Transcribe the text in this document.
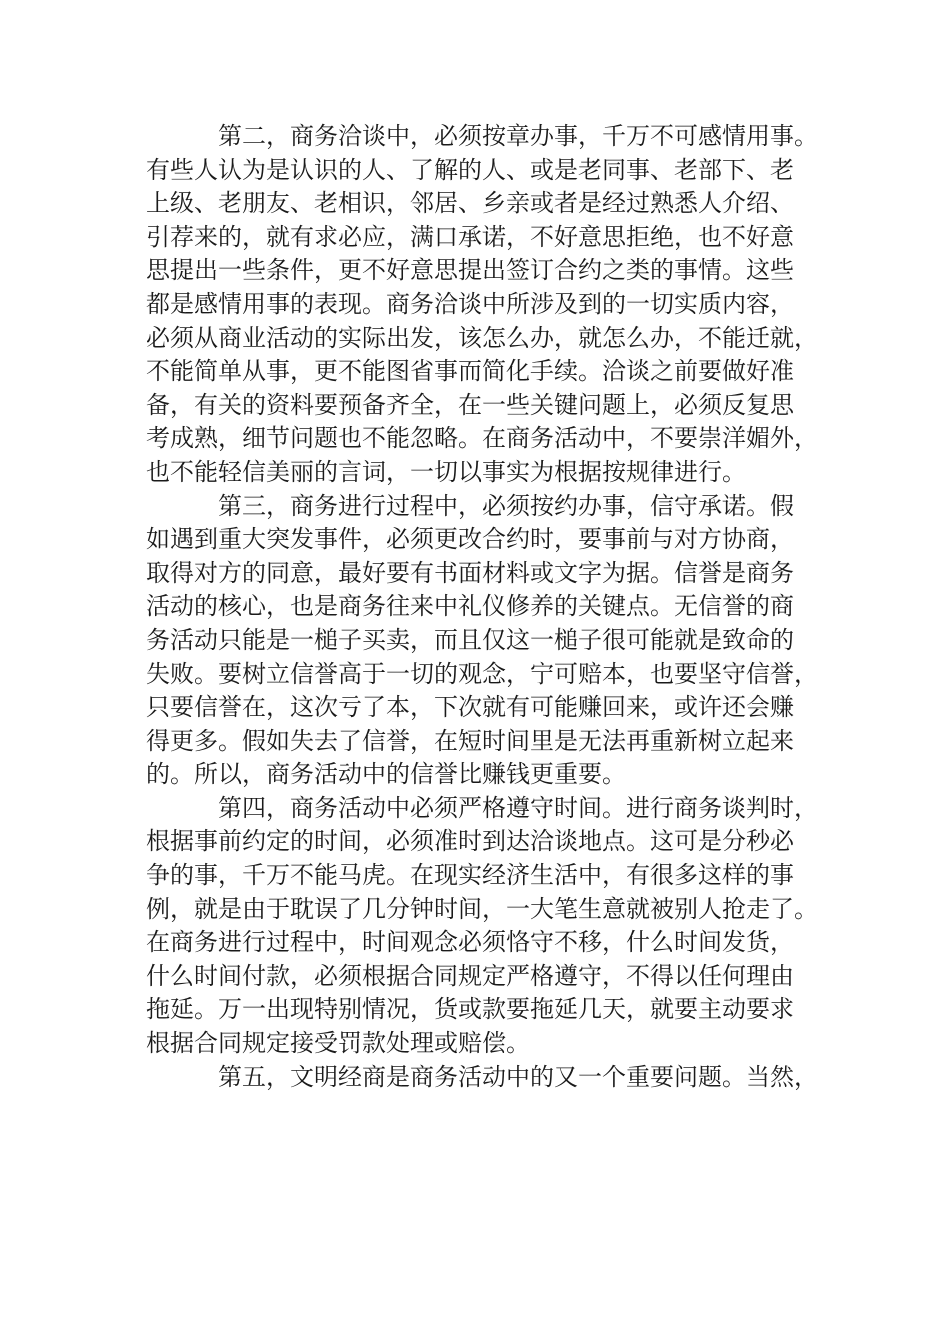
第二，商务洽谈中，必须按章办事，千万不可感情用事。
有些人认为是认识的人、了解的人、或是老同事、老部下、老
上级、老朋友、老相识，邻居、乡亲或者是经过熟悉人介绍、
引荐来的，就有求必应，满口承诺，不好意思拒绝，也不好意
思提出一些条件，更不好意思提出签订合约之类的事情。这些
都是感情用事的表现。商务洽谈中所涉及到的一切实质内容，
必须从商业活动的实际出发，该怎么办，就怎么办，不能迁就，
不能简单从事，更不能图省事而简化手续。洽谈之前要做好准
备，有关的资料要预备齐全，在一些关键问题上，必须反复思
考成熟，细节问题也不能忽略。在商务活动中，不要崇洋媚外，
也不能轻信美丽的言词，一切以事实为根据按规律进行。
第三，商务进行过程中，必须按约办事，信守承诺。假
如遇到重大突发事件，必须更改合约时，要事前与对方协商，
取得对方的同意，最好要有书面材料或文字为据。信誉是商务
活动的核心，也是商务往来中礼仪修养的关键点。无信誉的商
务活动只能是一槌子买卖，而且仅这一槌子很可能就是致命的
失败。要树立信誉高于一切的观念，宁可赔本，也要坚守信誉，
只要信誉在，这次亏了本，下次就有可能赚回来，或许还会赚
得更多。假如失去了信誉，在短时间里是无法再重新树立起来
的。所以，商务活动中的信誉比赚钱更重要。
第四，商务活动中必须严格遵守时间。进行商务谈判时，
根据事前约定的时间，必须准时到达洽谈地点。这可是分秒必
争的事，千万不能马虎。在现实经济生活中，有很多这样的事
例，就是由于耽误了几分钟时间，一大笔生意就被别人抢走了。
在商务进行过程中，时间观念必须恪守不移，什么时间发货，
什么时间付款，必须根据合同规定严格遵守，不得以任何理由
拖延。万一出现特别情况，货或款要拖延几天，就要主动要求
根据合同规定接受罚款处理或赔偿。
第五，文明经商是商务活动中的又一个重要问题。当然，
